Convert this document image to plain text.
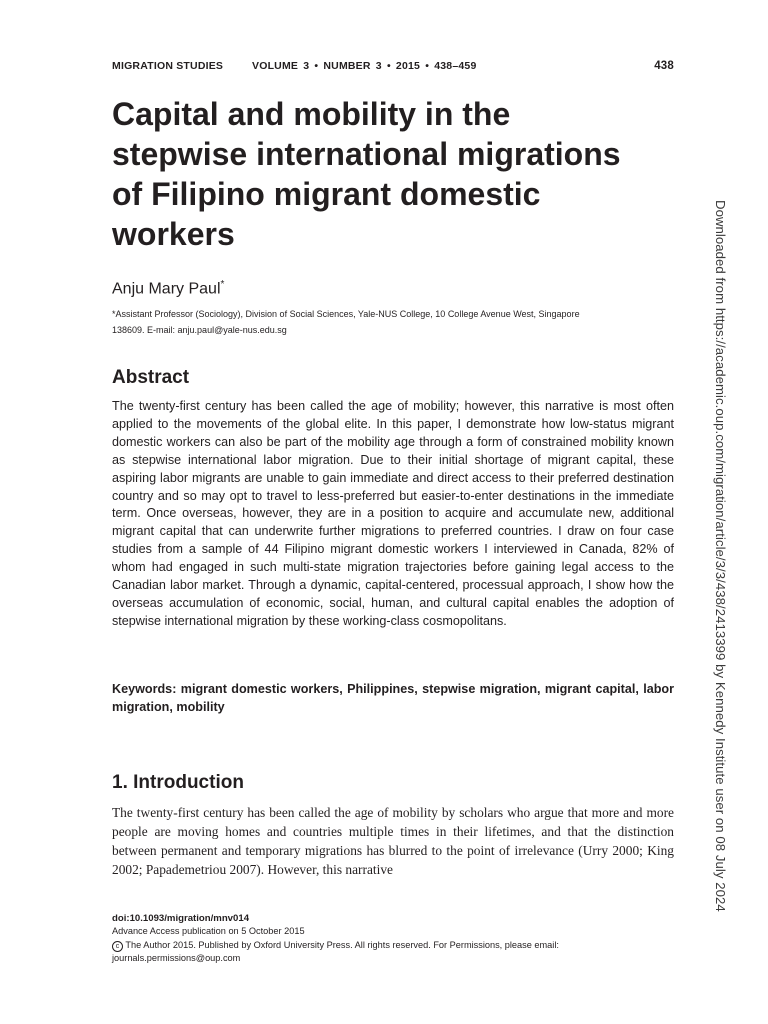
MIGRATION STUDIES	VOLUME 3 • NUMBER 3 • 2015 • 438–459	438
Capital and mobility in the
stepwise international migrations
of Filipino migrant domestic
workers

Anju Mary Paul*

*Assistant Professor (Sociology), Division of Social Sciences, Yale-NUS College, 10 College Avenue West, Singapore
138609. E-mail: anju.paul@yale-nus.edu.sg

Abstract

The twenty-first century has been called the age of mobility; however, this narrative is most often applied to the movements of the global elite. In this paper, I demonstrate how low-status migrant domestic workers can also be part of the mobility age through a form of constrained mobility known as stepwise international labor migration. Due to their initial shortage of migrant capital, these aspiring labor migrants are unable to gain immediate and direct access to their preferred destination country and so may opt to travel to less-preferred but easier-to-enter destinations in the immediate term. Once overseas, however, they are in a position to acquire and accumulate new, additional migrant capital that can underwrite further migrations to preferred countries. I draw on four case studies from a sample of 44 Filipino migrant domestic workers I interviewed in Canada, 82% of whom had engaged in such multi-state migration trajectories before gaining legal access to the Canadian labor market. Through a dynamic, capital-centered, processual approach, I show how the overseas accumulation of economic, social, human, and cultural capital enables the adoption of stepwise international migration by these working-class cosmopolitans.

Keywords: migrant domestic workers, Philippines, stepwise migration, migrant capital, labor migration, mobility

1. Introduction

The twenty-first century has been called the age of mobility by scholars who argue that more and more people are moving homes and countries multiple times in their lifetimes, and that the distinction between permanent and temporary migrations has blurred to the point of irrelevance (Urry 2000; King 2002; Papademetriou 2007). However, this narrative

doi:10.1093/migration/mnv014

Advance Access publication on 5 October 2015

c The Author 2015. Published by Oxford University Press. All rights reserved. For Permissions, please email:

journals.permissions@oup.com

Downloaded from https://academic.oup.com/migration/article/3/3/438/2413399 by Kennedy Institute user on 08 July 2024
